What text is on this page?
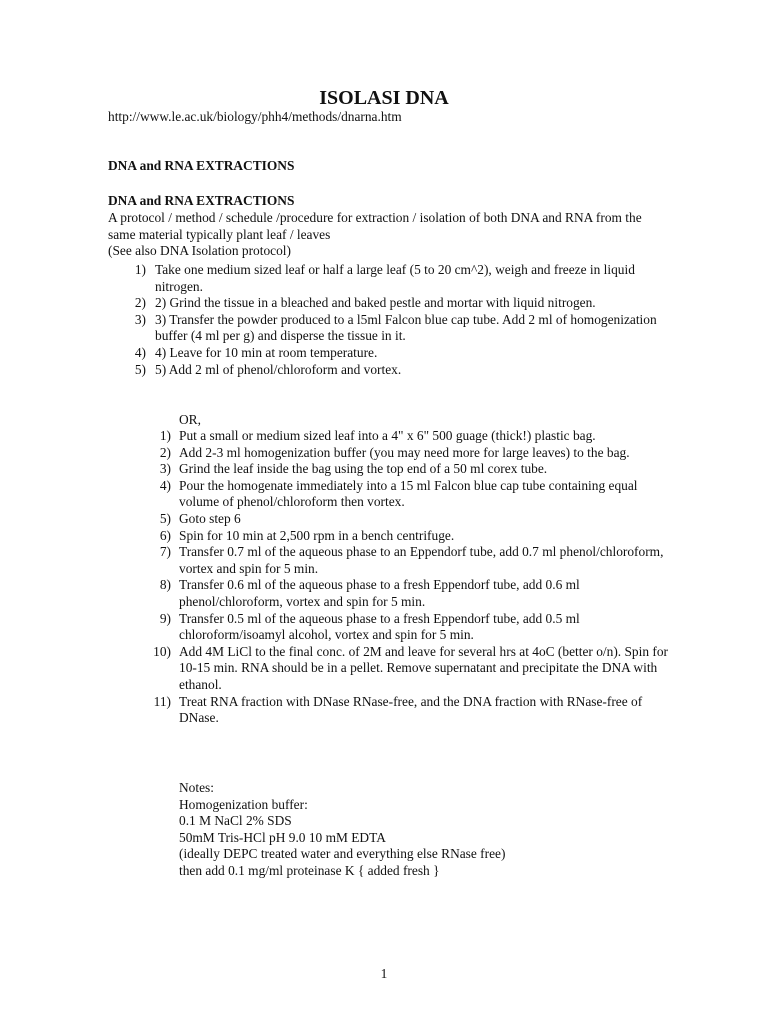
ISOLASI DNA
http://www.le.ac.uk/biology/phh4/methods/dnarna.htm
DNA and RNA EXTRACTIONS
DNA and RNA EXTRACTIONS
A protocol / method / schedule /procedure for extraction / isolation of both DNA and RNA from the same material typically plant leaf / leaves
(See also DNA Isolation protocol)
1) Take one medium sized leaf or half a large leaf (5 to 20 cm^2), weigh and freeze in liquid nitrogen.
2) 2) Grind the tissue in a bleached and baked pestle and mortar with liquid nitrogen.
3) 3) Transfer the powder produced to a l5ml Falcon blue cap tube. Add 2 ml of homogenization buffer (4 ml per g) and disperse the tissue in it.
4) 4) Leave for 10 min at room temperature.
5) 5) Add 2 ml of phenol/chloroform and vortex.
OR,
1) Put a small or medium sized leaf into a 4" x 6" 500 guage (thick!) plastic bag.
2) Add 2-3 ml homogenization buffer (you may need more for large leaves) to the bag.
3) Grind the leaf inside the bag using the top end of a 50 ml corex tube.
4) Pour the homogenate immediately into a 15 ml Falcon blue cap tube containing equal volume of phenol/chloroform then vortex.
5) Goto step 6
6) Spin for 10 min at 2,500 rpm in a bench centrifuge.
7) Transfer 0.7 ml of the aqueous phase to an Eppendorf tube, add 0.7 ml phenol/chloroform, vortex and spin for 5 min.
8) Transfer 0.6 ml of the aqueous phase to a fresh Eppendorf tube, add 0.6 ml phenol/chloroform, vortex and spin for 5 min.
9) Transfer 0.5 ml of the aqueous phase to a fresh Eppendorf tube, add 0.5 ml chloroform/isoamyl alcohol, vortex and spin for 5 min.
10) Add 4M LiCl to the final conc. of 2M and leave for several hrs at 4oC (better o/n). Spin for 10-15 min. RNA should be in a pellet. Remove supernatant and precipitate the DNA with ethanol.
11) Treat RNA fraction with DNase RNase-free, and the DNA fraction with RNase-free of DNase.
Notes:
Homogenization buffer:
0.1 M NaCl 2% SDS
50mM Tris-HCl pH 9.0 10 mM EDTA
(ideally DEPC treated water and everything else RNase free)
then add 0.1 mg/ml proteinase K { added fresh }
1
